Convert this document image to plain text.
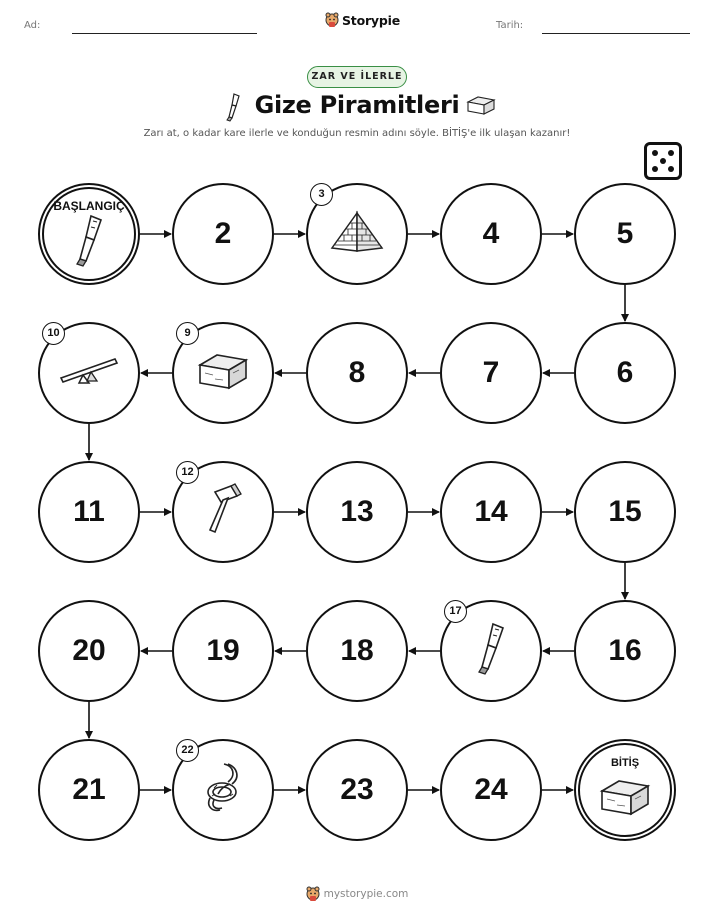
Ad:	Storypie	Tarih:
ZAR VE İLERLE
Gize Piramitleri
Zarı at, o kadar kare ilerle ve konduğun resmin adını söyle. BİTİŞ'e ilk ulaşan kazanır!
BAŞLANGIÇ
2
3
4	5
6
7
8
9
10
11
12
13	14	15
16
17
18
19
20
21
22
23	24
BİTİŞ
mystorypie.com
